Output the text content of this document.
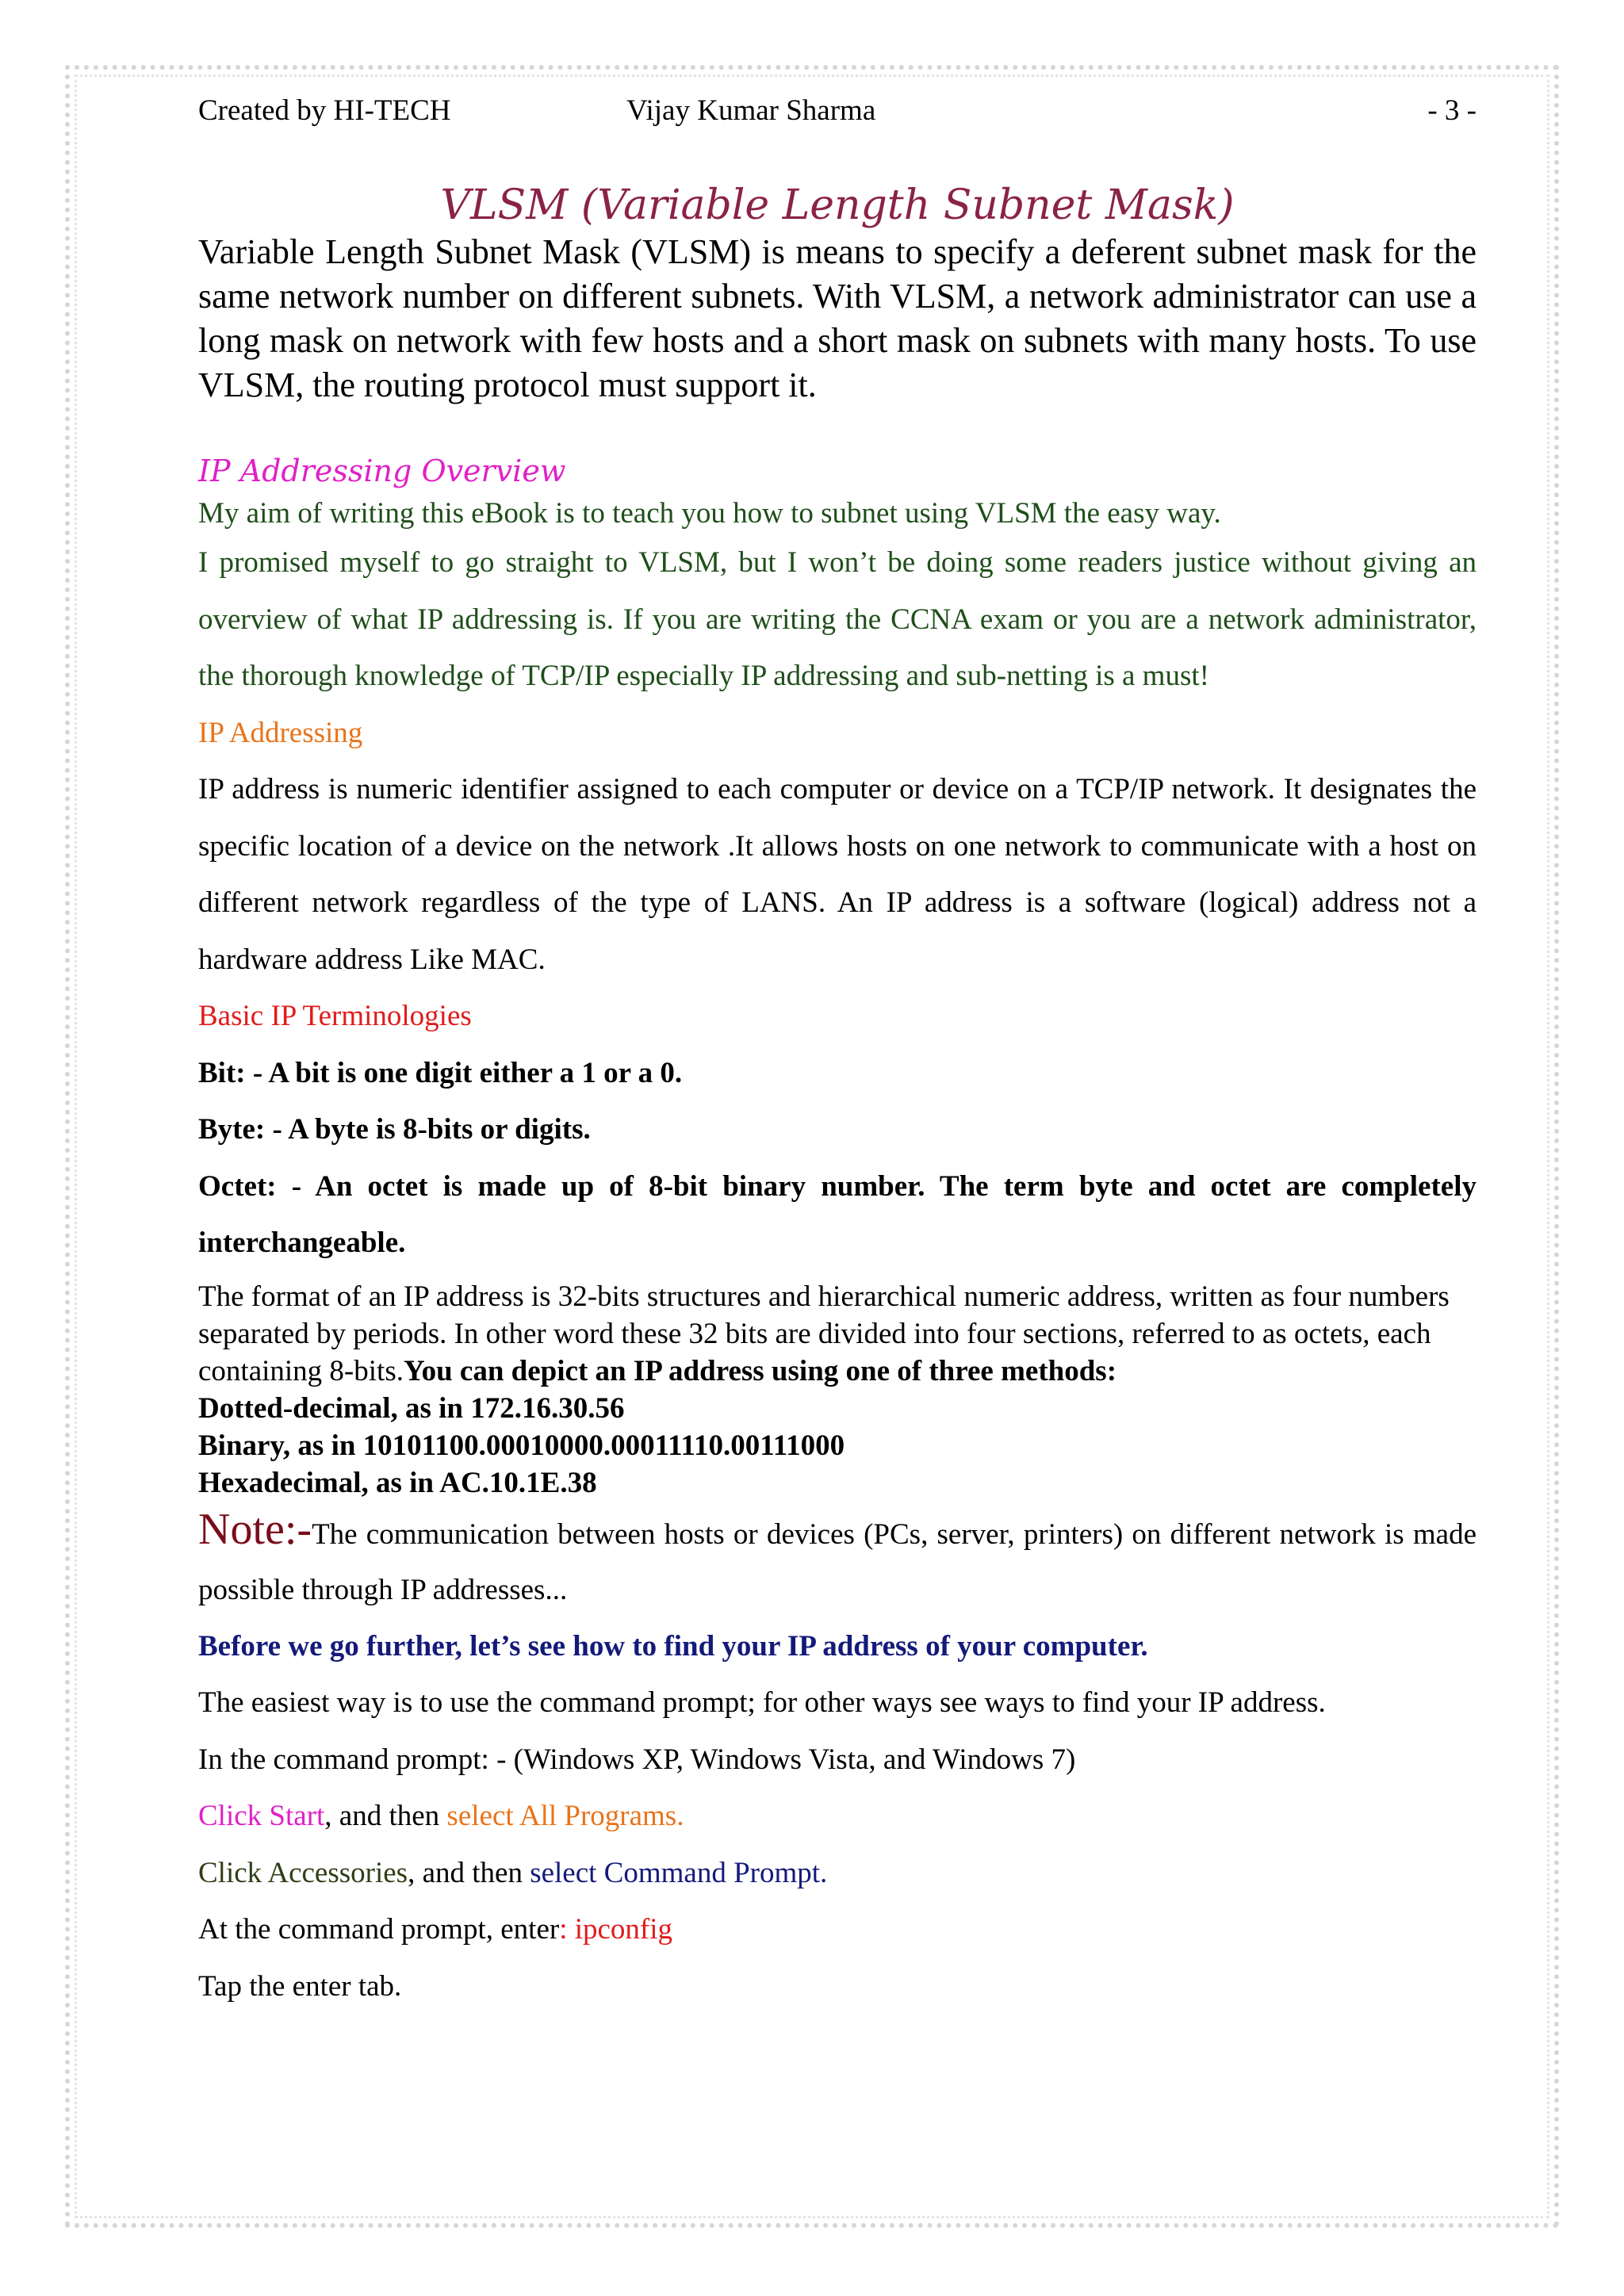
Created by HI-TECH	Vijay Kumar Sharma	- 3 -
VLSM (Variable Length Subnet Mask)

Variable Length Subnet Mask (VLSM) is means to specify a deferent subnet mask for the same network number on different subnets. With VLSM, a network administrator can use a long mask on network with few hosts and a short mask on subnets with many hosts. To use VLSM, the routing protocol must support it.

IP Addressing Overview

My aim of writing this eBook is to teach you how to subnet using VLSM the easy way.

I promised myself to go straight to VLSM, but I won’t be doing some readers justice without giving an overview of what IP addressing is. If you are writing the CCNA exam or you are a network administrator, the thorough knowledge of TCP/IP especially IP addressing and sub-netting is a must!

IP Addressing

IP address is numeric identifier assigned to each computer or device on a TCP/IP network. It designates the specific location of a device on the network .It allows hosts on one network to communicate with a host on different network regardless of the type of LANS. An IP address is a software (logical) address not a hardware address Like MAC.

Basic IP Terminologies

Bit: - A bit is one digit either a 1 or a 0.

Byte: - A byte is 8-bits or digits.

Octet: - An octet is made up of 8-bit binary number. The term byte and octet are completely interchangeable.

The format of an IP address is 32-bits structures and hierarchical numeric address, written as four numbers separated by periods. In other word these 32 bits are divided into four sections, referred to as octets, each containing 8-bits.You can depict an IP address using one of three methods:

Dotted-decimal, as in 172.16.30.56

Binary, as in 10101100.00010000.00011110.00111000

Hexadecimal, as in AC.10.1E.38

Note:-The communication between hosts or devices (PCs, server, printers) on different network is made possible through IP addresses...

Before we go further, let’s see how to find your IP address of your computer.

The easiest way is to use the command prompt; for other ways see ways to find your IP address.

In the command prompt: - (Windows XP, Windows Vista, and Windows 7)

Click Start, and then select All Programs.

Click Accessories, and then select Command Prompt.

At the command prompt, enter: ipconfig

Tap the enter tab.
